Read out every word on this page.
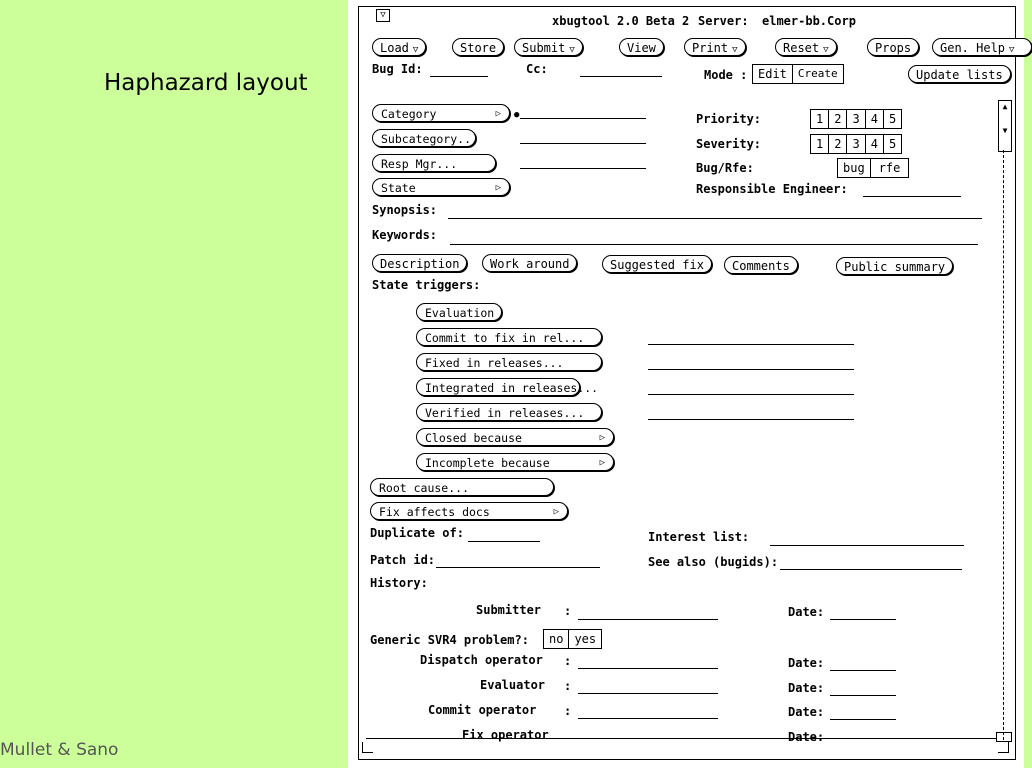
Haphazard layout
Mullet & Sano
▽	xbugtool 2.0 Beta 2 Server: elmer-bb.Corp
Load ▽	Store	Submit ▽	View	Print ▽	Reset ▽	Props	Gen. Help ▽
Bug Id:	Cc:	Mode : Edit	Create	Update lists
▲

▼
Category	▷ ●
Subcategory...
Resp Mgr...
State	▷
Priority:	1 2 3 4 5
Severity:	1 2 3 4 5
Bug/Rfe:	bug	rfe
Responsible Engineer:
Synopsis:
Keywords:
Description	Work around	Suggested fix	Comments	Public summary
State triggers:
Evaluation
Commit to fix in rel...
Fixed in releases...
Integrated in releases...
Verified in releases...
Closed because	▷
Incomplete because	▷
Root cause...
Fix affects docs	▷
Duplicate of:	Interest list:
Patch id:	See also (bugids):
History:
Submitter :	Date:
Generic SVR4 problem?:	no yes
Dispatch operator :	Date:
Evaluator :	Date:
Commit operator :	Date:
Fix operator	Date:
